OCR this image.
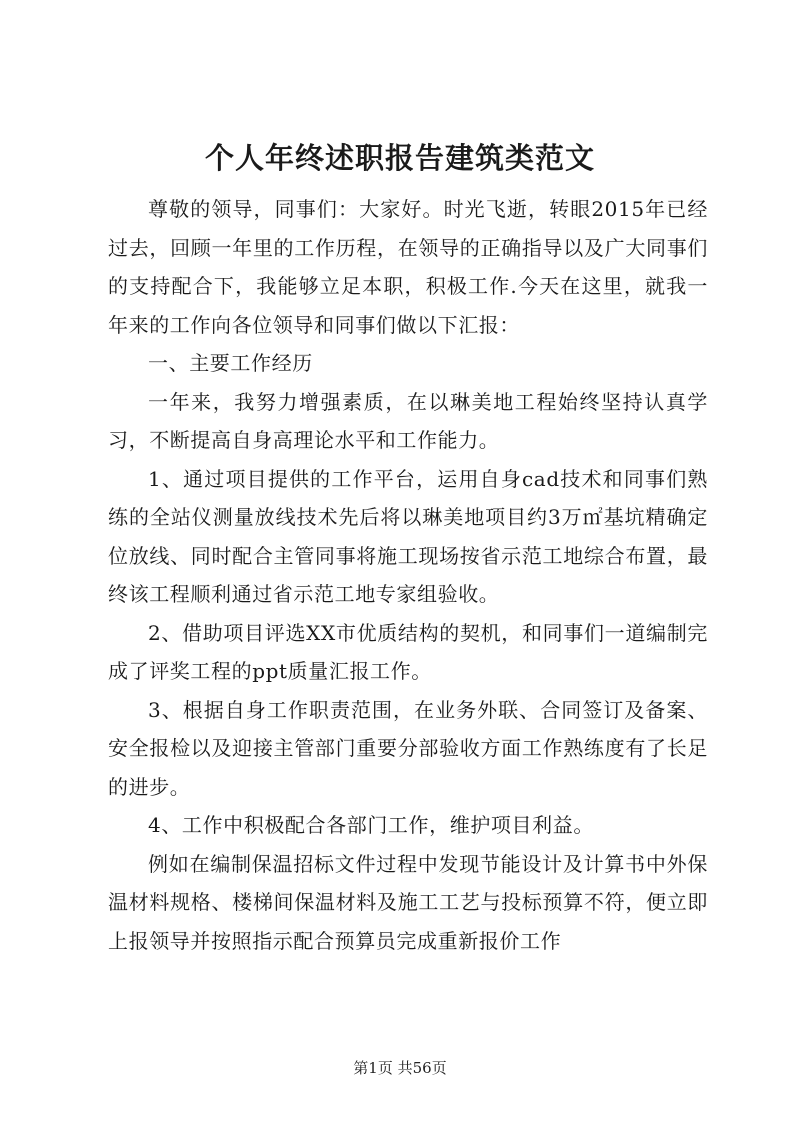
个人年终述职报告建筑类范文

尊敬的领导，同事们：大家好。时光飞逝，转眼2015年已经过去，回顾一年里的工作历程，在领导的正确指导以及广大同事们的支持配合下，我能够立足本职，积极工作.今天在这里，就我一年来的工作向各位领导和同事们做以下汇报：

一、主要工作经历

一年来，我努力增强素质，在以琳美地工程始终坚持认真学习，不断提高自身高理论水平和工作能力。

1、通过项目提供的工作平台，运用自身cad技术和同事们熟练的全站仪测量放线技术先后将以琳美地项目约3万㎡基坑精确定位放线、同时配合主管同事将施工现场按省示范工地综合布置，最终该工程顺利通过省示范工地专家组验收。

2、借助项目评选XX市优质结构的契机，和同事们一道编制完成了评奖工程的ppt质量汇报工作。

3、根据自身工作职责范围，在业务外联、合同签订及备案、安全报检以及迎接主管部门重要分部验收方面工作熟练度有了长足的进步。

4、工作中积极配合各部门工作，维护项目利益。

例如在编制保温招标文件过程中发现节能设计及计算书中外保温材料规格、楼梯间保温材料及施工工艺与投标预算不符，便立即上报领导并按照指示配合预算员完成重新报价工作

第1页 共56页
